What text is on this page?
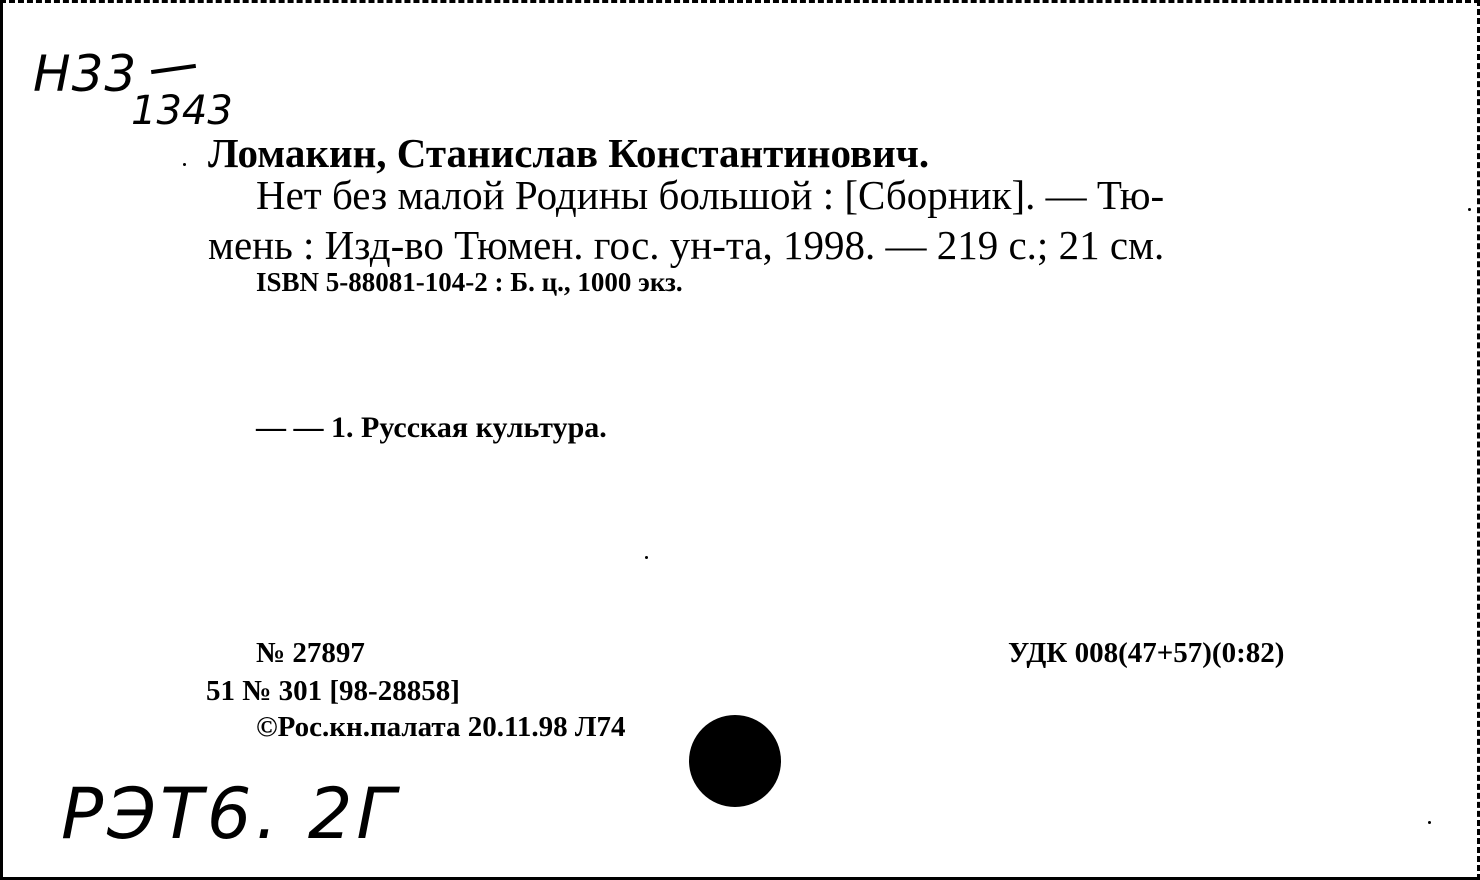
Н33
1343
Ломакин, Станислав Константинович.
Нет без малой Родины большой : [Сборник]. — Тю-
мень : Изд-во Тюмен. гос. ун-та, 1998. — 219 с.; 21 см.
ISBN 5-88081-104-2 : Б. ц., 1000 экз.
— — 1. Русская культура.
№ 27897
51 № 301 [98-28858]
©Рос.кн.палата 20.11.98 Л74
УДК 008(47+57)(0:82)
РЭТ6. 2Г
